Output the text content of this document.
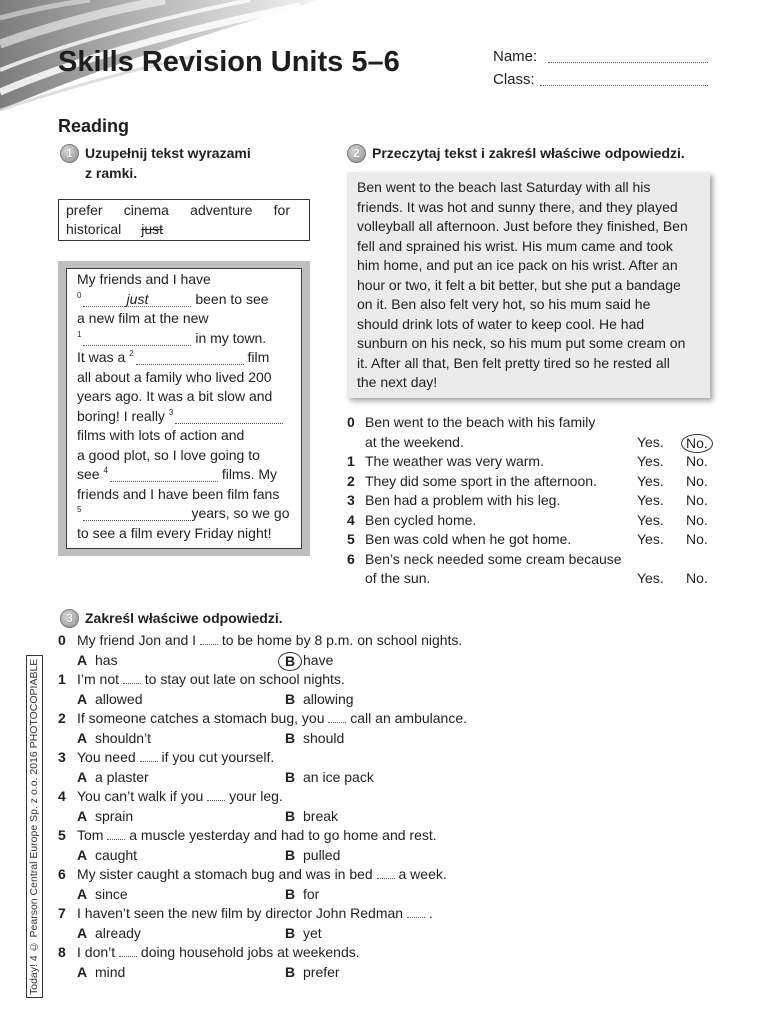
Skills Revision Units 5–6	Name:
Class:
Reading
1 Uzupełnij tekst wyrazami
z ramki.
prefer cinema adventure for
historical just
My friends and I have
$^0$	just	been to see
a new film at the new
$^1$	in my town.
It was a $^2$	film
all about a family who lived 200
years ago. It was a bit slow and
boring! I really $^3$
films with lots of action and
a good plot, so I love going to
see $^4$	films. My
friends and I have been film fans
$^5$	years, so we go
to see a film every Friday night!
2 Przeczytaj tekst i zakreśl właściwe odpowiedzi.
Ben went to the beach last Saturday with all his
friends. It was hot and sunny there, and they played
volleyball all afternoon. Just before they finished, Ben
fell and sprained his wrist. His mum came and took
him home, and put an ice pack on his wrist. After an
hour or two, it felt a bit better, but she put a bandage
on it. Ben also felt very hot, so his mum said he
should drink lots of water to keep cool. He had
sunburn on his neck, so his mum put some cream on
it. After all that, Ben felt pretty tired so he rested all
the next day!
0 Ben went to the beach with his family
at the weekend.	Yes.	No.
1 The weather was very warm.	Yes. No.
2 They did some sport in the afternoon.	Yes. No.
3 Ben had a problem with his leg.	Yes. No.
4 Ben cycled home.	Yes. No.
5 Ben was cold when he got home.	Yes. No.
6 Ben’s neck needed some cream because
of the sun.	Yes. No.
3 Zakreśl właściwe odpowiedzi.
0 My friend Jon and I to be home by 8 p.m. on school nights.
A has	B have
1 I’m not to stay out late on school nights.
A allowed	B allowing
2 If someone catches a stomach bug, you call an ambulance.
A shouldn’t	B should
3 You need if you cut yourself.
A a plaster	B an ice pack
4 You can’t walk if you your leg.
A sprain	B break
5 Tom a muscle yesterday and had to go home and rest.
A caught	B pulled
6 My sister caught a stomach bug and was in bed a week.
A since	B for
7 I haven’t seen the new film by director John Redman .
A already	B yet
8 I don’t doing household jobs at weekends.
A mind	B prefer
Today! 4 © Pearson Central Europe Sp. z o.o. 2016 PHOTOCOPIABLE
